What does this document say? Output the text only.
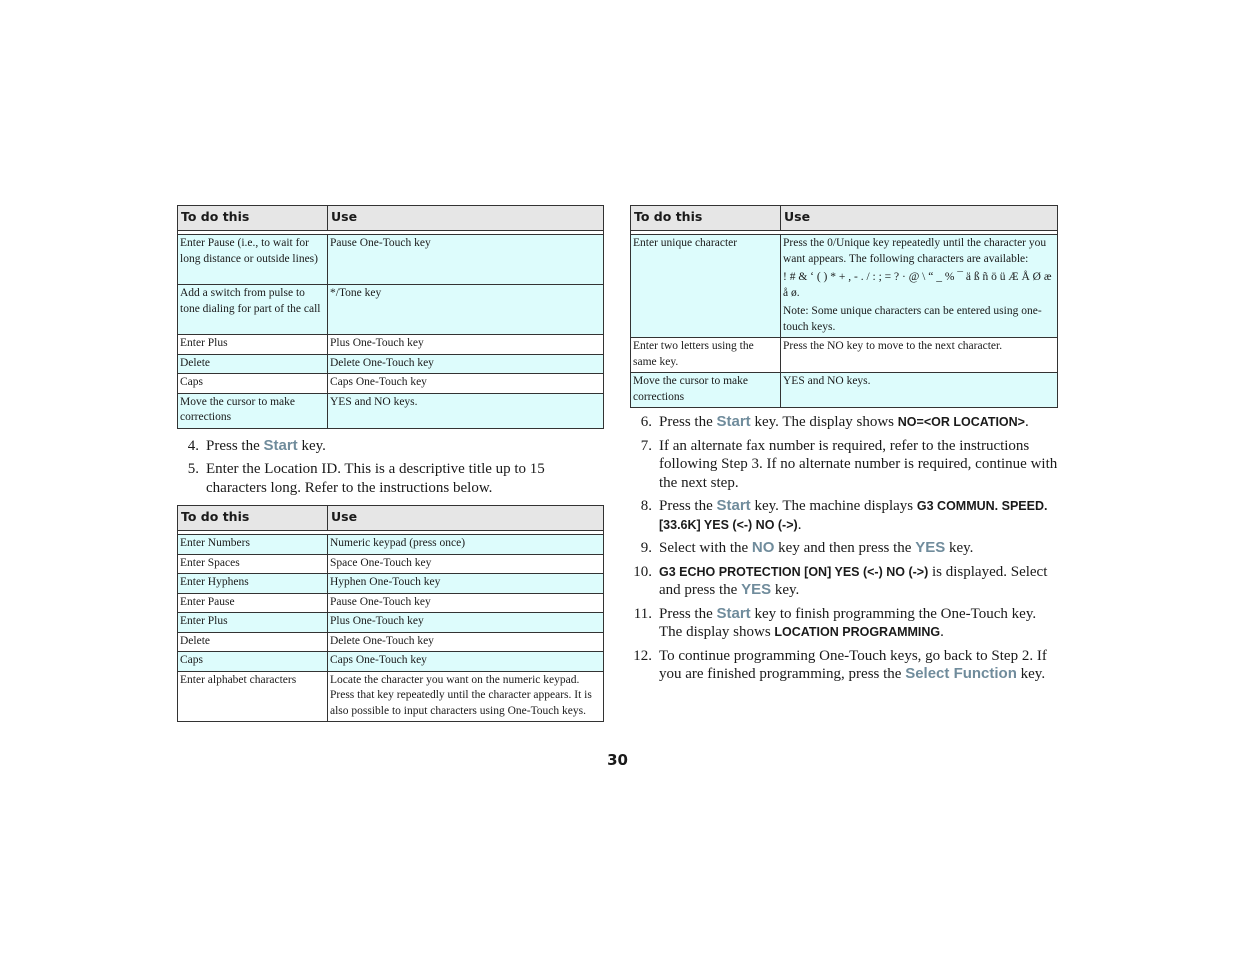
To do this	Use

Enter Pause (i.e., to wait for long distance or outside lines)	Pause One-Touch key
Add a switch from pulse to tone dialing for part of the call	*/Tone key
Enter Plus	Plus One-Touch key
Delete	Delete One-Touch key
Caps	Caps One-Touch key
Move the cursor to make corrections	YES and NO keys.
4. Press the Start key.
5. Enter the Location ID. This is a descriptive title up to 15 characters long. Refer to the instructions below.
To do this	Use

Enter Numbers	Numeric keypad (press once)
Enter Spaces	Space One-Touch key
Enter Hyphens	Hyphen One-Touch key
Enter Pause	Pause One-Touch key
Enter Plus	Plus One-Touch key
Delete	Delete One-Touch key
Caps	Caps One-Touch key
Enter alphabet characters	Locate the character you want on the numeric keypad. Press that key repeatedly until the character appears. It is also possible to input characters using One-Touch keys.
To do this	Use

Enter unique character	Press the 0/Unique key repeatedly until the character you want appears. The following characters are available:

! # & ‘ ( ) * + , - . / : ; = ? · @ \ “ _ % ¯ ä ß ñ ö ü Æ Å Ø æ å ø.

Note: Some unique characters can be entered using one-touch keys.

Enter two letters using the same key.	Press the NO key to move to the next character.
Move the cursor to make corrections	YES and NO keys.
6. Press the Start key. The display shows NO=<OR LOCATION>.
7. If an alternate fax number is required, refer to the instructions following Step 3. If no alternate number is required, continue with the next step.
8. Press the Start key. The machine displays G3 COMMUN. SPEED.[33.6K] YES (<-) NO (->).
9. Select with the NO key and then press the YES key.
10. G3 ECHO PROTECTION [ON] YES (<-) NO (->) is displayed. Select and press the YES key.
11. Press the Start key to finish programming the One-Touch key. The display shows LOCATION PROGRAMMING.
12. To continue programming One-Touch keys, go back to Step 2. If you are finished programming, press the Select Function key.
30
